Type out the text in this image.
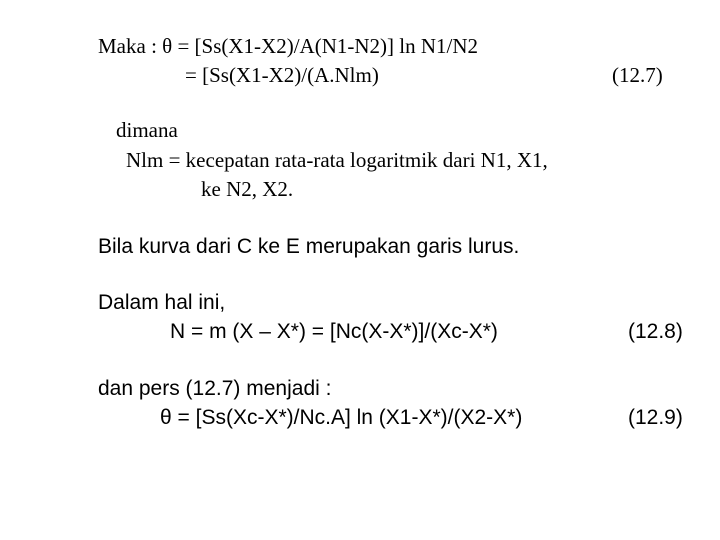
Maka : θ = [Ss(X1-X2)/A(N1-N2)] ln N1/N2
= [Ss(X1-X2)/(A.Nlm)	(12.7)
dimana
Nlm = kecepatan rata-rata logaritmik dari N1, X1,
ke N2, X2.
Bila kurva dari C ke E merupakan garis lurus.
Dalam hal ini,
N = m (X – X*) = [Nc(X-X*)]/(Xc-X*)	(12.8)
dan pers (12.7) menjadi :
θ = [Ss(Xc-X*)/Nc.A] ln (X1-X*)/(X2-X*)	(12.9)
